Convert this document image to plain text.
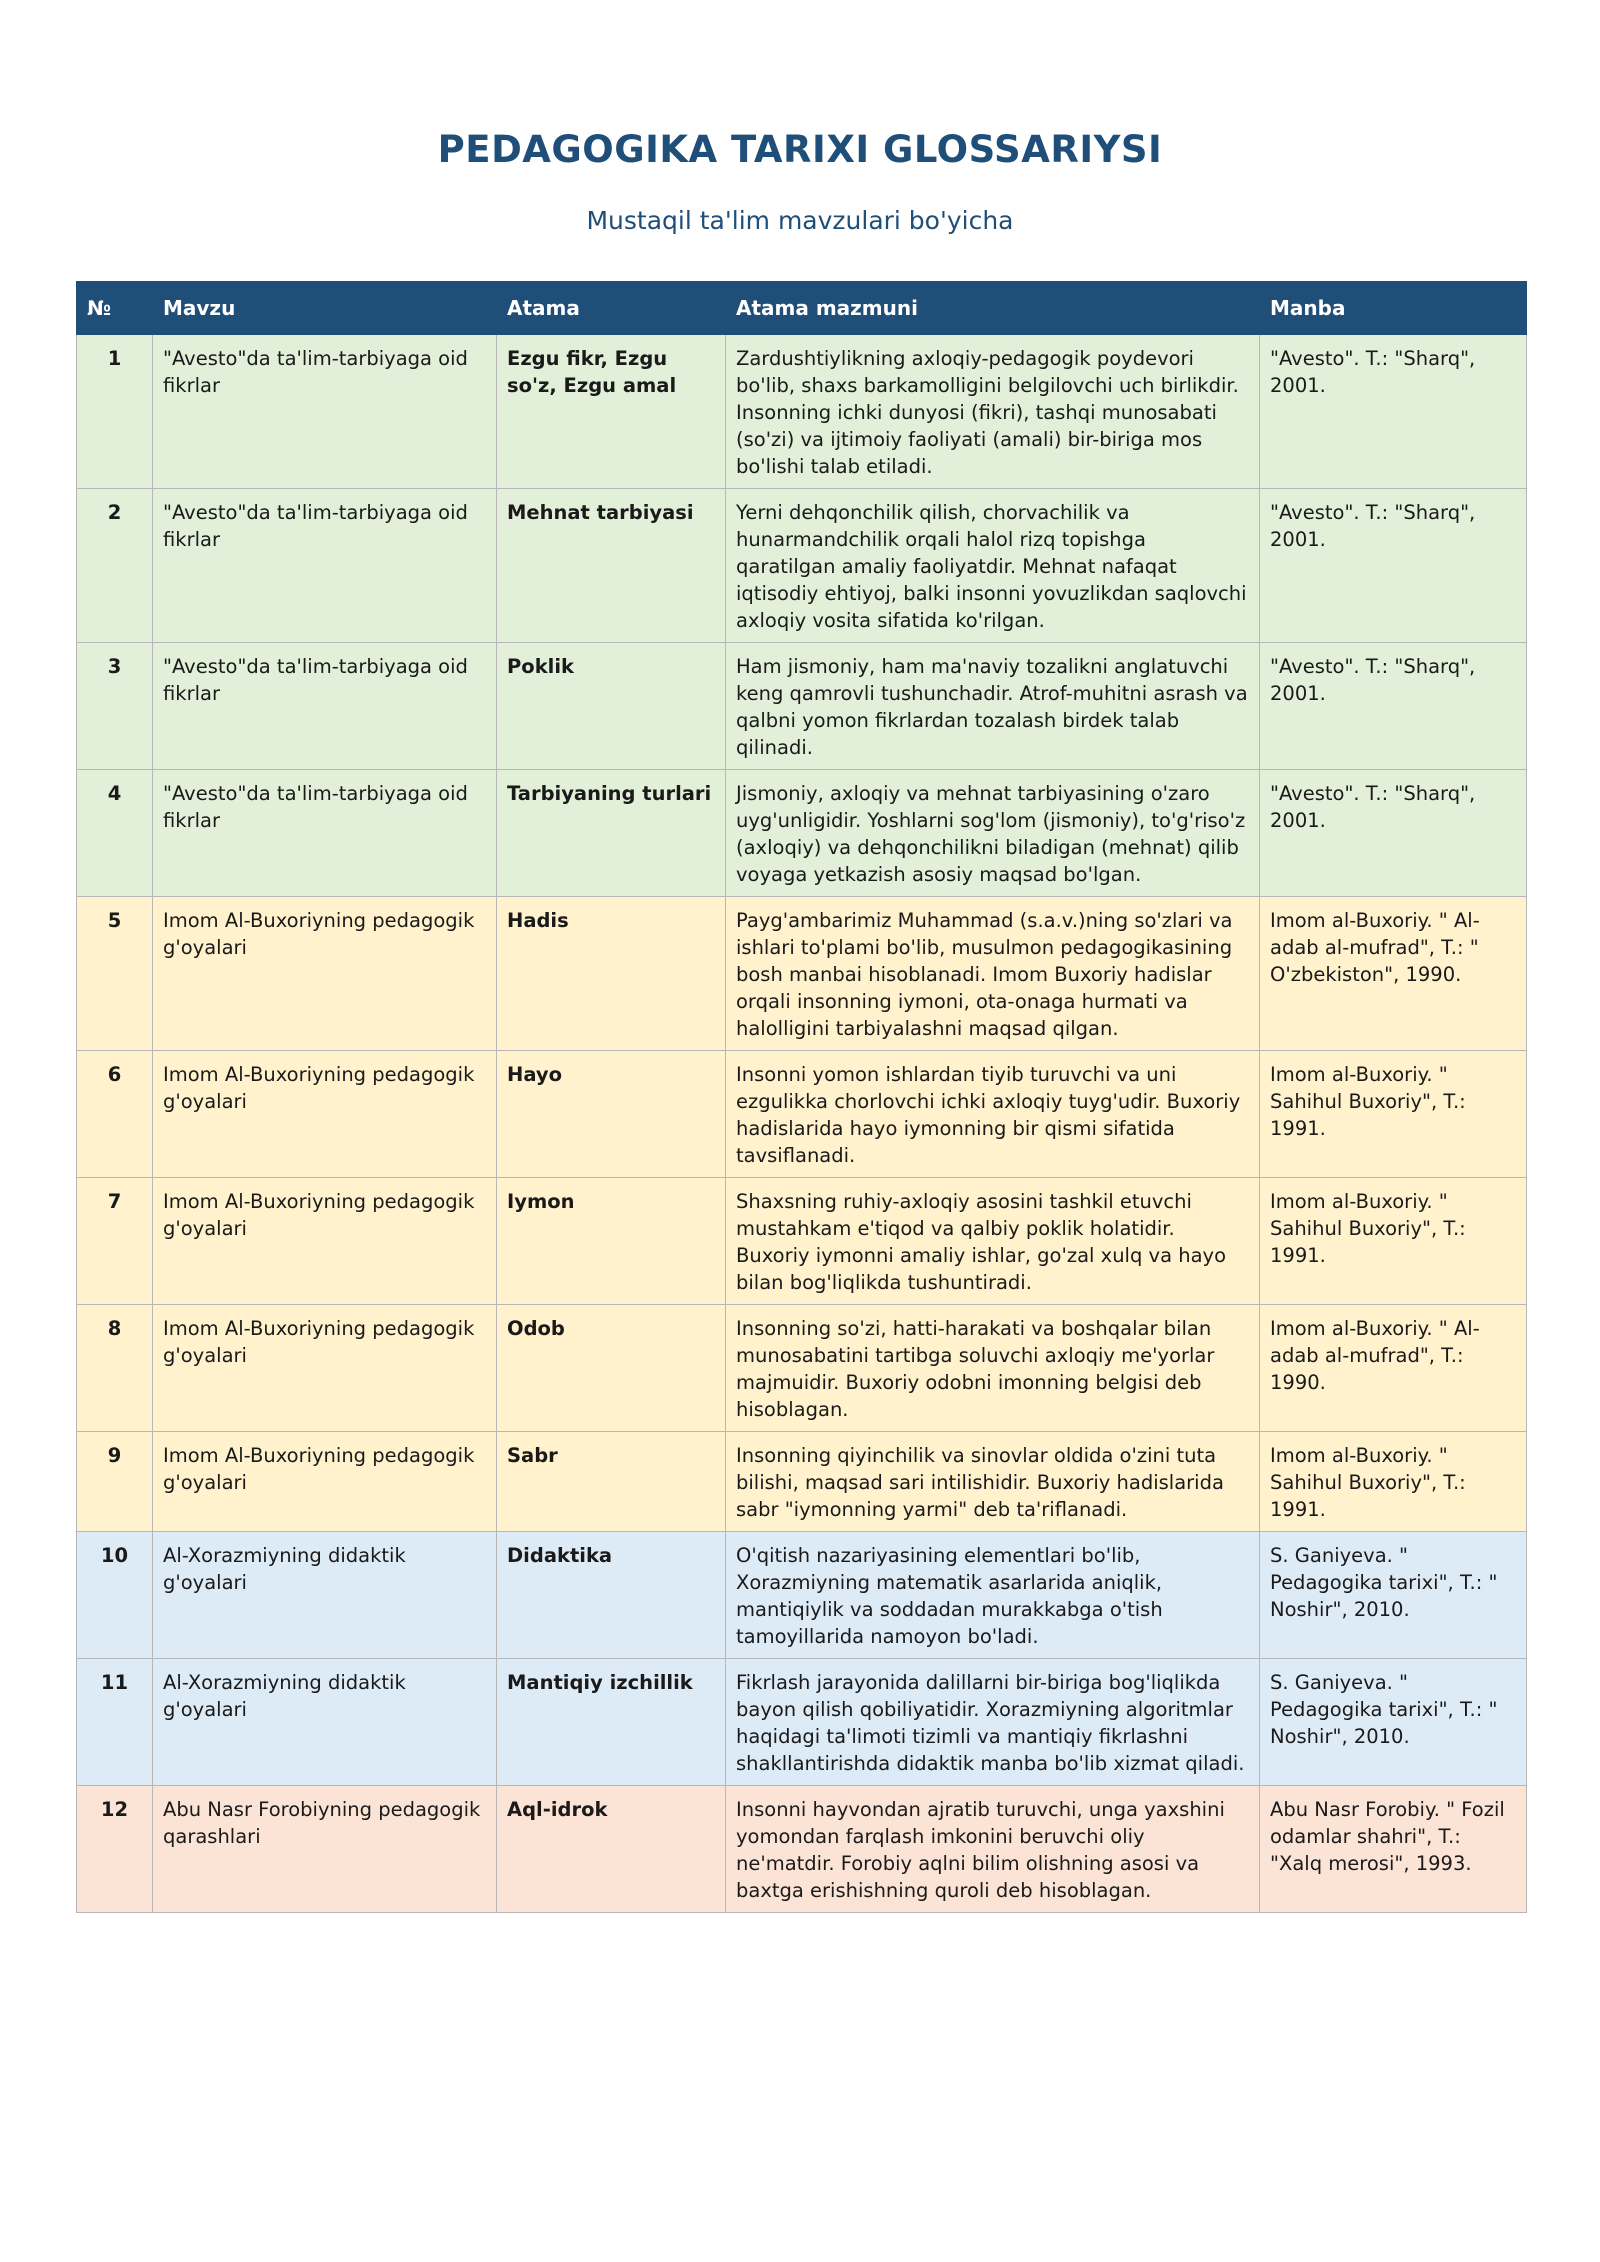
PEDAGOGIKA TARIXI GLOSSARIYSI
Mustaqil ta'lim mavzulari bo'yicha
№	Mavzu	Atama	Atama mazmuni	Manba
1	"Avesto"da ta'lim-tarbiyaga oid fikrlar	Ezgu fikr, Ezgu so'z, Ezgu amal	Zardushtiylikning axloqiy-pedagogik poydevori bo'lib, shaxs barkamolligini belgilovchi uch birlikdir. Insonning ichki dunyosi (fikri), tashqi munosabati (so'zi) va ijtimoiy faoliyati (amali) bir-biriga mos bo'lishi talab etiladi.	"Avesto". T.: "Sharq", 2001.
2	"Avesto"da ta'lim-tarbiyaga oid fikrlar	Mehnat tarbiyasi	Yerni dehqonchilik qilish, chorvachilik va hunarmandchilik orqali halol rizq topishga qaratilgan amaliy faoliyatdir. Mehnat nafaqat iqtisodiy ehtiyoj, balki insonni yovuzlikdan saqlovchi axloqiy vosita sifatida ko'rilgan.	"Avesto". T.: "Sharq", 2001.
3	"Avesto"da ta'lim-tarbiyaga oid fikrlar	Poklik	Ham jismoniy, ham ma'naviy tozalikni anglatuvchi keng qamrovli tushunchadir. Atrof-muhitni asrash va qalbni yomon fikrlardan tozalash birdek talab qilinadi.	"Avesto". T.: "Sharq", 2001.
4	"Avesto"da ta'lim-tarbiyaga oid fikrlar	Tarbiyaning turlari	Jismoniy, axloqiy va mehnat tarbiyasining o'zaro uyg'unligidir. Yoshlarni sog'lom (jismoniy), to'g'riso'z (axloqiy) va dehqonchilikni biladigan (mehnat) qilib voyaga yetkazish asosiy maqsad bo'lgan.	"Avesto". T.: "Sharq", 2001.
5	Imom Al-Buxoriyning pedagogik g'oyalari	Hadis	Payg'ambarimiz Muhammad (s.a.v.)ning so'zlari va ishlari to'plami bo'lib, musulmon pedagogikasining bosh manbai hisoblanadi. Imom Buxoriy hadislar orqali insonning iymoni, ota-onaga hurmati va halolligini tarbiyalashni maqsad qilgan.	Imom al-Buxoriy. " Al-adab al-mufrad", T.: " O'zbekiston", 1990.
6	Imom Al-Buxoriyning pedagogik g'oyalari	Hayo	Insonni yomon ishlardan tiyib turuvchi va uni ezgulikka chorlovchi ichki axloqiy tuyg'udir. Buxoriy hadislarida hayo iymonning bir qismi sifatida tavsiflanadi.	Imom al-Buxoriy. " Sahihul Buxoriy", T.: 1991.
7	Imom Al-Buxoriyning pedagogik g'oyalari	Iymon	Shaxsning ruhiy-axloqiy asosini tashkil etuvchi mustahkam e'tiqod va qalbiy poklik holatidir. Buxoriy iymonni amaliy ishlar, go'zal xulq va hayo bilan bog'liqlikda tushuntiradi.	Imom al-Buxoriy. " Sahihul Buxoriy", T.: 1991.
8	Imom Al-Buxoriyning pedagogik g'oyalari	Odob	Insonning so'zi, hatti-harakati va boshqalar bilan munosabatini tartibga soluvchi axloqiy me'yorlar majmuidir. Buxoriy odobni imonning belgisi deb hisoblagan.	Imom al-Buxoriy. " Al-adab al-mufrad", T.: 1990.
9	Imom Al-Buxoriyning pedagogik g'oyalari	Sabr	Insonning qiyinchilik va sinovlar oldida o'zini tuta bilishi, maqsad sari intilishidir. Buxoriy hadislarida sabr "iymonning yarmi" deb ta'riflanadi.	Imom al-Buxoriy. " Sahihul Buxoriy", T.: 1991.
10	Al-Xorazmiyning didaktik g'oyalari	Didaktika	O'qitish nazariyasining elementlari bo'lib, Xorazmiyning matematik asarlarida aniqlik, mantiqiylik va soddadan murakkabga o'tish tamoyillarida namoyon bo'ladi.	S. Ganiyeva. " Pedagogika tarixi", T.: " Noshir", 2010.
11	Al-Xorazmiyning didaktik g'oyalari	Mantiqiy izchillik	Fikrlash jarayonida dalillarni bir-biriga bog'liqlikda bayon qilish qobiliyatidir. Xorazmiyning algoritmlar haqidagi ta'limoti tizimli va mantiqiy fikrlashni shakllantirishda didaktik manba bo'lib xizmat qiladi.	S. Ganiyeva. " Pedagogika tarixi", T.: " Noshir", 2010.
12	Abu Nasr Forobiyning pedagogik qarashlari	Aql-idrok	Insonni hayvondan ajratib turuvchi, unga yaxshini yomondan farqlash imkonini beruvchi oliy ne'matdir. Forobiy aqlni bilim olishning asosi va baxtga erishishning quroli deb hisoblagan.	Abu Nasr Forobiy. " Fozil odamlar shahri", T.: "Xalq merosi", 1993.
